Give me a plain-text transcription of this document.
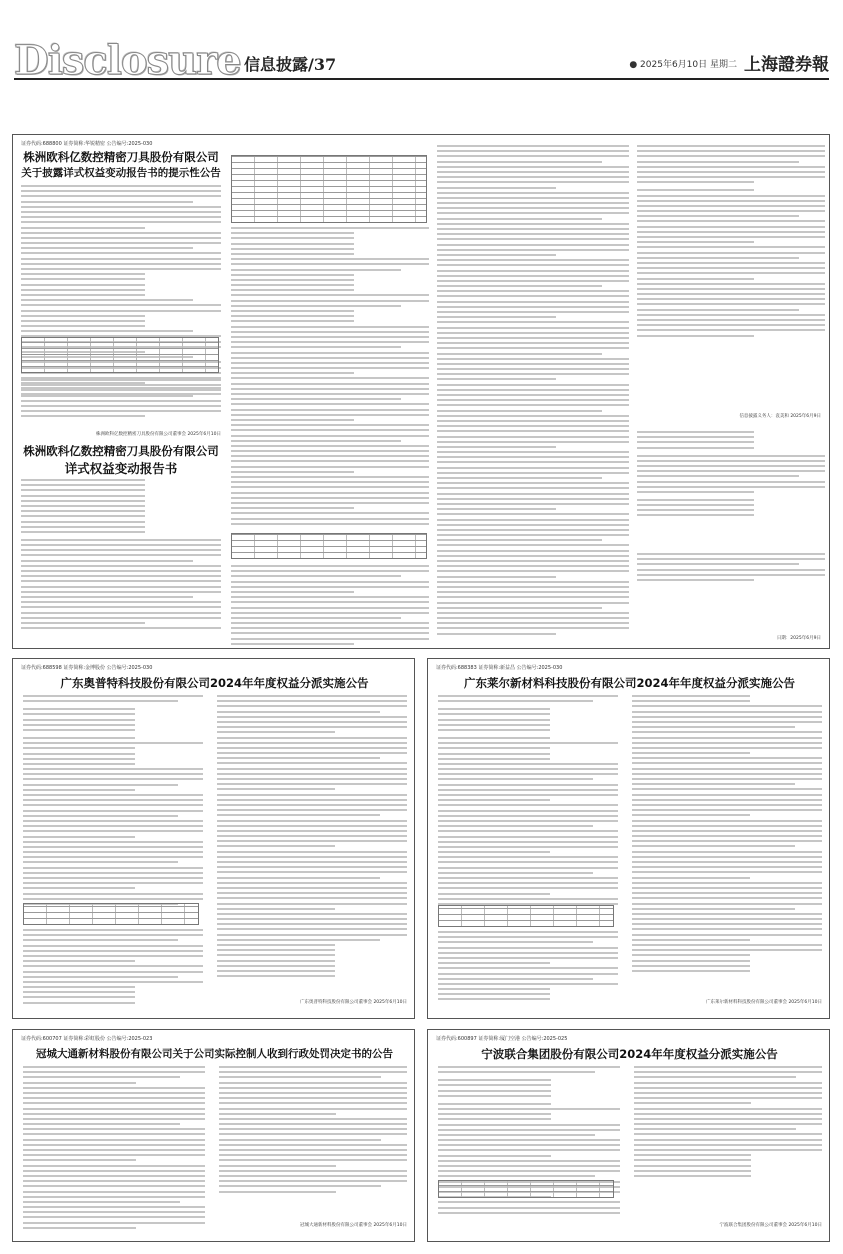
Disclosure 信息披露/37	● 2025年6月10日 星期二 上海證券報
证券代码:688800 证券简称:华锐精密 公告编号:2025-030
株洲欧科亿数控精密刀具股份有限公司
关于披露详式权益变动报告书的提示性公告
株洲欧科亿数控精密刀具股份有限公司董事会 2025年6月10日
株洲欧科亿数控精密刀具股份有限公司
详式权益变动报告书
信息披露义务人：袁美和 2025年6月9日
日期：2025年6月9日
证券代码:688598 证券简称:金博股份 公告编号:2025-030
广东奥普特科技股份有限公司2024年年度权益分派实施公告
广东奥普特科技股份有限公司董事会 2025年6月10日
证券代码:688383 证券简称:新益昌 公告编号:2025-030
广东莱尔新材料科技股份有限公司2024年年度权益分派实施公告
广东莱尔新材料科技股份有限公司董事会 2025年6月10日
证券代码:600707 证券简称:彩虹股份 公告编号:2025-023
冠城大通新材料股份有限公司关于公司实际控制人收到行政处罚决定书的公告
冠城大通新材料股份有限公司董事会 2025年6月10日
证券代码:600897 证券简称:厦门空港 公告编号:2025-025
宁波联合集团股份有限公司2024年年度权益分派实施公告
宁波联合集团股份有限公司董事会 2025年6月10日
